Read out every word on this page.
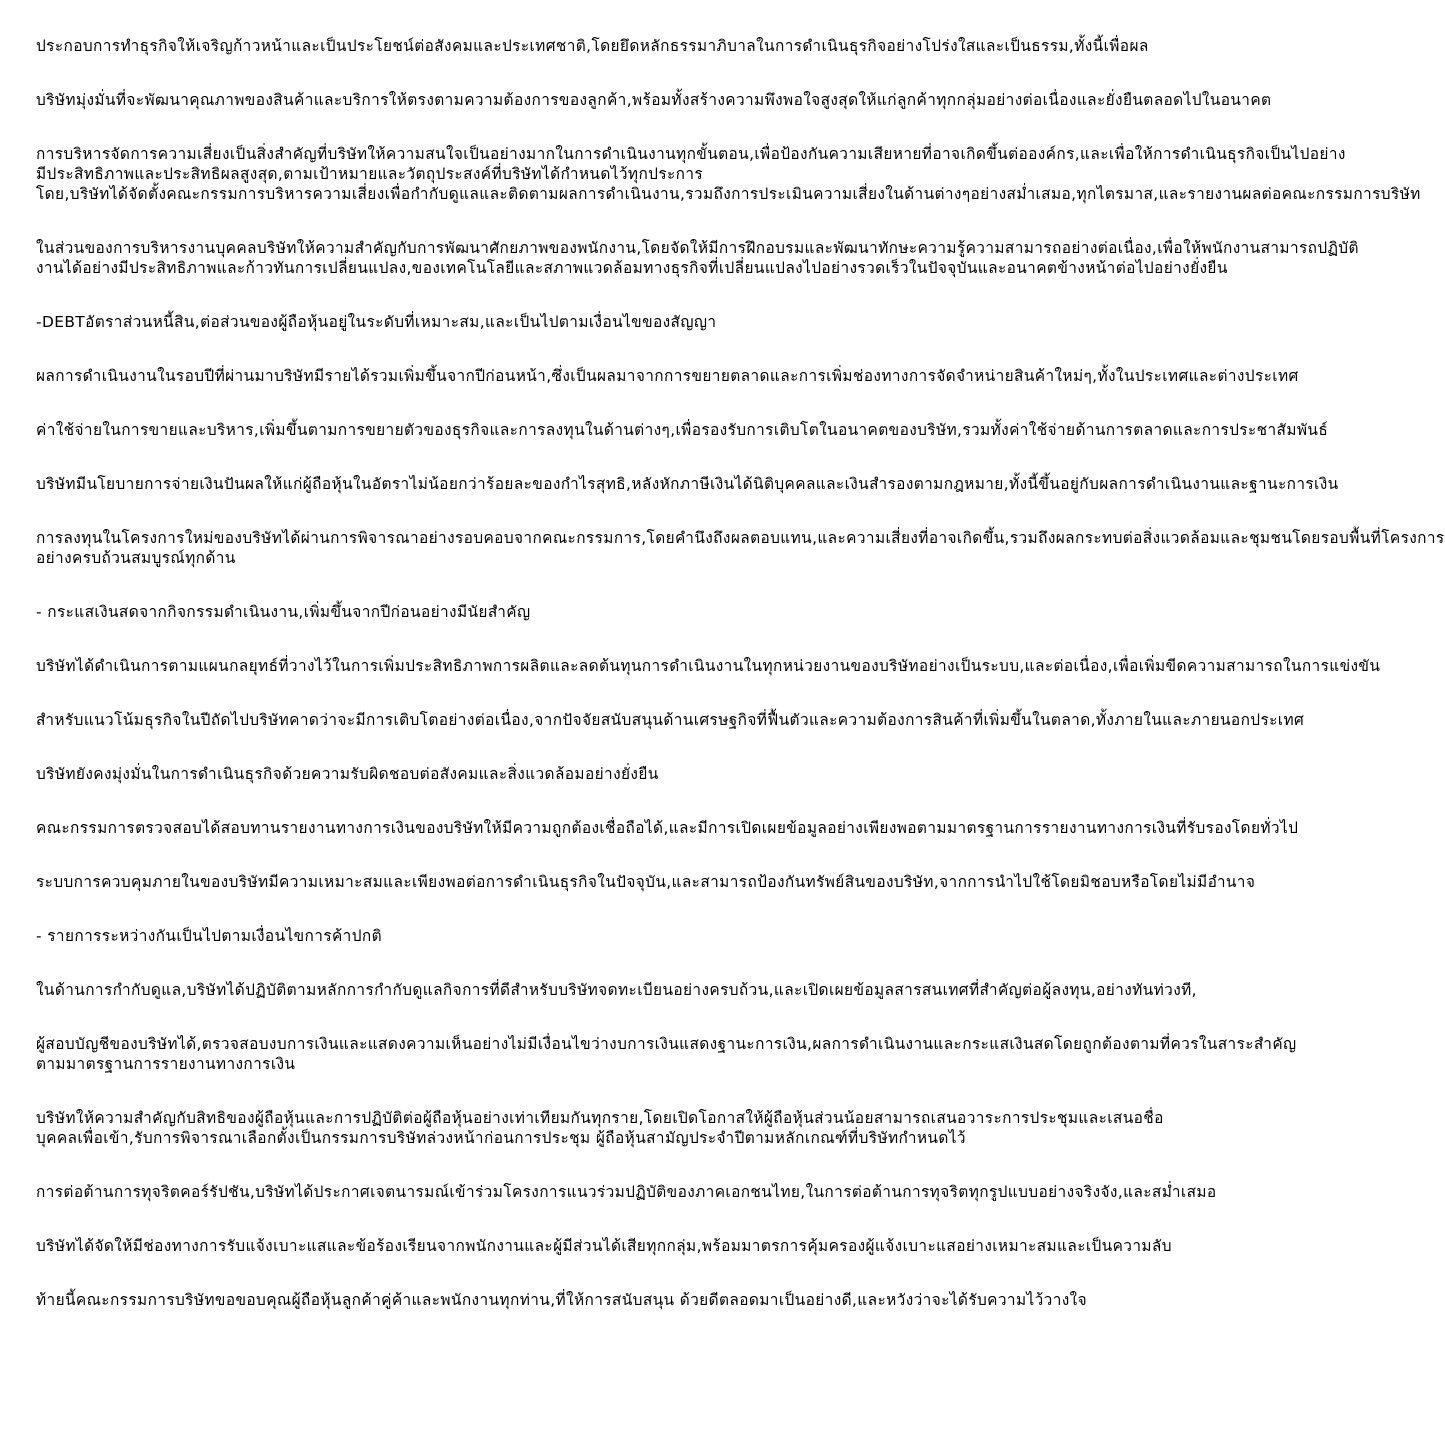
ประกอบการทำธุรกิจให้เจริญก้าวหน้าและเป็นประโยชน์ต่อสังคมและประเทศชาติ,โดยยึดหลักธรรมาภิบาลในการดำเนินธุรกิจอย่างโปร่งใสและเป็นธรรม,ทั้งนี้เพื่อผล
บริษัทมุ่งมั่นที่จะพัฒนาคุณภาพของสินค้าและบริการให้ตรงตามความต้องการของลูกค้า,พร้อมทั้งสร้างความพึงพอใจสูงสุดให้แก่ลูกค้าทุกกลุ่มอย่างต่อเนื่องและยั่งยืนตลอดไปในอนาคต
การบริหารจัดการความเสี่ยงเป็นสิ่งสำคัญที่บริษัทให้ความสนใจเป็นอย่างมากในการดำเนินงานทุกขั้นตอน,เพื่อป้องกันความเสียหายที่อาจเกิดขึ้นต่อองค์กร,และเพื่อให้การดำเนินธุรกิจเป็นไปอย่าง
มีประสิทธิภาพและประสิทธิผลสูงสุด,ตามเป้าหมายและวัตถุประสงค์ที่บริษัทได้กำหนดไว้ทุกประการ
โดย,บริษัทได้จัดตั้งคณะกรรมการบริหารความเสี่ยงเพื่อกำกับดูแลและติดตามผลการดำเนินงาน,รวมถึงการประเมินความเสี่ยงในด้านต่างๆอย่างสม่ำเสมอ,ทุกไตรมาส,และรายงานผลต่อคณะกรรมการบริษัท
ในส่วนของการบริหารงานบุคคลบริษัทให้ความสำคัญกับการพัฒนาศักยภาพของพนักงาน,โดยจัดให้มีการฝึกอบรมและพัฒนาทักษะความรู้ความสามารถอย่างต่อเนื่อง,เพื่อให้พนักงานสามารถปฏิบัติ
งานได้อย่างมีประสิทธิภาพและก้าวทันการเปลี่ยนแปลง,ของเทคโนโลยีและสภาพแวดล้อมทางธุรกิจที่เปลี่ยนแปลงไปอย่างรวดเร็วในปัจจุบันและอนาคตข้างหน้าต่อไปอย่างยั่งยืน
-DEBTอัตราส่วนหนี้สิน,ต่อส่วนของผู้ถือหุ้นอยู่ในระดับที่เหมาะสม,และเป็นไปตามเงื่อนไขของสัญญา
ผลการดำเนินงานในรอบปีที่ผ่านมาบริษัทมีรายได้รวมเพิ่มขึ้นจากปีก่อนหน้า,ซึ่งเป็นผลมาจากการขยายตลาดและการเพิ่มช่องทางการจัดจำหน่ายสินค้าใหม่ๆ,ทั้งในประเทศและต่างประเทศ
ค่าใช้จ่ายในการขายและบริหาร,เพิ่มขึ้นตามการขยายตัวของธุรกิจและการลงทุนในด้านต่างๆ,เพื่อรองรับการเติบโตในอนาคตของบริษัท,รวมทั้งค่าใช้จ่ายด้านการตลาดและการประชาสัมพันธ์
บริษัทมีนโยบายการจ่ายเงินปันผลให้แก่ผู้ถือหุ้นในอัตราไม่น้อยกว่าร้อยละของกำไรสุทธิ,หลังหักภาษีเงินได้นิติบุคคลและเงินสำรองตามกฎหมาย,ทั้งนี้ขึ้นอยู่กับผลการดำเนินงานและฐานะการเงิน
การลงทุนในโครงการใหม่ของบริษัทได้ผ่านการพิจารณาอย่างรอบคอบจากคณะกรรมการ,โดยคำนึงถึงผลตอบแทน,และความเสี่ยงที่อาจเกิดขึ้น,รวมถึงผลกระทบต่อสิ่งแวดล้อมและชุมชนโดยรอบพื้นที่โครงการ
อย่างครบถ้วนสมบูรณ์ทุกด้าน
- กระแสเงินสดจากกิจกรรมดำเนินงาน,เพิ่มขึ้นจากปีก่อนอย่างมีนัยสำคัญ
บริษัทได้ดำเนินการตามแผนกลยุทธ์ที่วางไว้ในการเพิ่มประสิทธิภาพการผลิตและลดต้นทุนการดำเนินงานในทุกหน่วยงานของบริษัทอย่างเป็นระบบ,และต่อเนื่อง,เพื่อเพิ่มขีดความสามารถในการแข่งขัน
สำหรับแนวโน้มธุรกิจในปีถัดไปบริษัทคาดว่าจะมีการเติบโตอย่างต่อเนื่อง,จากปัจจัยสนับสนุนด้านเศรษฐกิจที่ฟื้นตัวและความต้องการสินค้าที่เพิ่มขึ้นในตลาด,ทั้งภายในและภายนอกประเทศ
บริษัทยังคงมุ่งมั่นในการดำเนินธุรกิจด้วยความรับผิดชอบต่อสังคมและสิ่งแวดล้อมอย่างยั่งยืน
คณะกรรมการตรวจสอบได้สอบทานรายงานทางการเงินของบริษัทให้มีความถูกต้องเชื่อถือได้,และมีการเปิดเผยข้อมูลอย่างเพียงพอตามมาตรฐานการรายงานทางการเงินที่รับรองโดยทั่วไป
ระบบการควบคุมภายในของบริษัทมีความเหมาะสมและเพียงพอต่อการดำเนินธุรกิจในปัจจุบัน,และสามารถป้องกันทรัพย์สินของบริษัท,จากการนำไปใช้โดยมิชอบหรือโดยไม่มีอำนาจ
- รายการระหว่างกันเป็นไปตามเงื่อนไขการค้าปกติ
ในด้านการกำกับดูแล,บริษัทได้ปฏิบัติตามหลักการกำกับดูแลกิจการที่ดีสำหรับบริษัทจดทะเบียนอย่างครบถ้วน,และเปิดเผยข้อมูลสารสนเทศที่สำคัญต่อผู้ลงทุน,อย่างทันท่วงที,
ผู้สอบบัญชีของบริษัทได้,ตรวจสอบงบการเงินและแสดงความเห็นอย่างไม่มีเงื่อนไขว่างบการเงินแสดงฐานะการเงิน,ผลการดำเนินงานและกระแสเงินสดโดยถูกต้องตามที่ควรในสาระสำคัญ
ตามมาตรฐานการรายงานทางการเงิน
บริษัทให้ความสำคัญกับสิทธิของผู้ถือหุ้นและการปฏิบัติต่อผู้ถือหุ้นอย่างเท่าเทียมกันทุกราย,โดยเปิดโอกาสให้ผู้ถือหุ้นส่วนน้อยสามารถเสนอวาระการประชุมและเสนอชื่อ
บุคคลเพื่อเข้า,รับการพิจารณาเลือกตั้งเป็นกรรมการบริษัทล่วงหน้าก่อนการประชุม ผู้ถือหุ้นสามัญประจำปีตามหลักเกณฑ์ที่บริษัทกำหนดไว้
การต่อต้านการทุจริตคอร์รัปชัน,บริษัทได้ประกาศเจตนารมณ์เข้าร่วมโครงการแนวร่วมปฏิบัติของภาคเอกชนไทย,ในการต่อต้านการทุจริตทุกรูปแบบอย่างจริงจัง,และสม่ำเสมอ
บริษัทได้จัดให้มีช่องทางการรับแจ้งเบาะแสและข้อร้องเรียนจากพนักงานและผู้มีส่วนได้เสียทุกกลุ่ม,พร้อมมาตรการคุ้มครองผู้แจ้งเบาะแสอย่างเหมาะสมและเป็นความลับ
ท้ายนี้คณะกรรมการบริษัทขอขอบคุณผู้ถือหุ้นลูกค้าคู่ค้าและพนักงานทุกท่าน,ที่ให้การสนับสนุน ด้วยดีตลอดมาเป็นอย่างดี,และหวังว่าจะได้รับความไว้วางใจ
